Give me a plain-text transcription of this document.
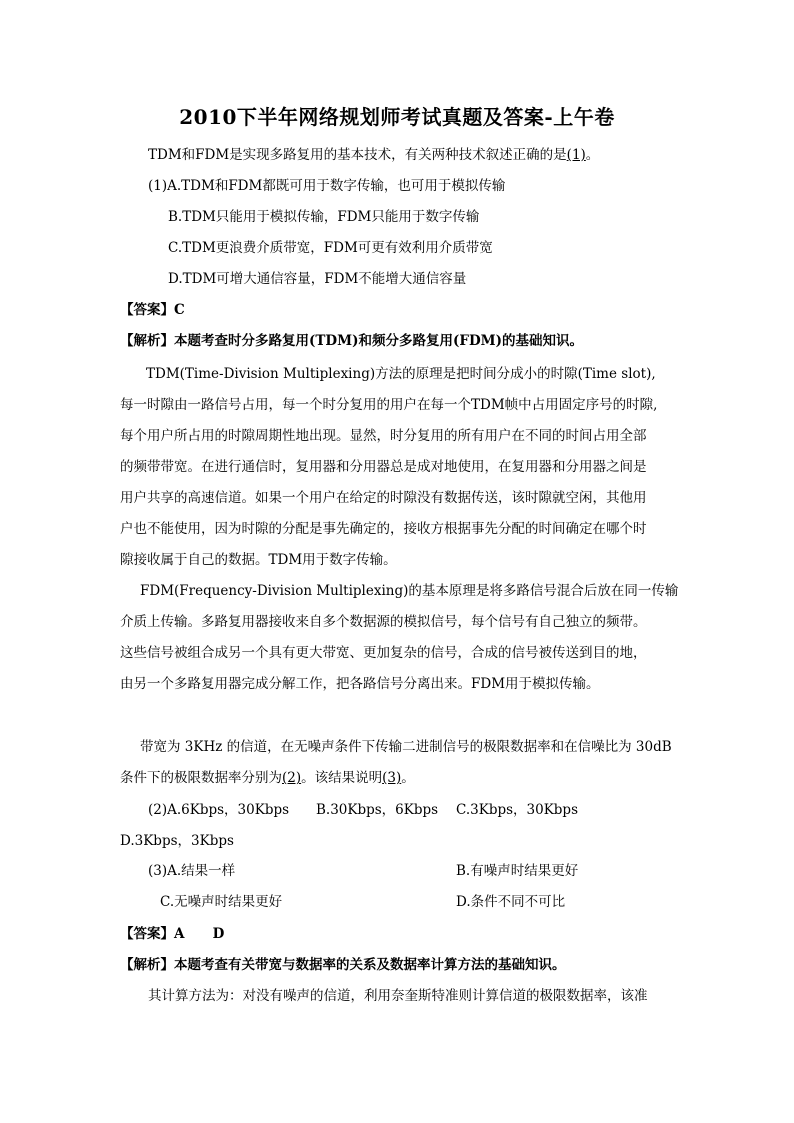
2010下半年网络规划师考试真题及答案-上午卷
TDM和FDM是实现多路复用的基本技术，有关两种技术叙述正确的是(1)。
(1)A.TDM和FDM都既可用于数字传输，也可用于模拟传输
B.TDM只能用于模拟传输，FDM只能用于数字传输
C.TDM更浪费介质带宽，FDM可更有效利用介质带宽
D.TDM可增大通信容量，FDM不能增大通信容量
【答案】C
【解析】本题考查时分多路复用(TDM)和频分多路复用(FDM)的基础知识。
TDM(Time-Division Multiplexing)方法的原理是把时间分成小的时隙(Time slot),
每一时隙由一路信号占用，每一个时分复用的用户在每一个TDM帧中占用固定序号的时隙,
每个用户所占用的时隙周期性地出现。显然，时分复用的所有用户在不同的时间占用全部
的频带带宽。在进行通信时，复用器和分用器总是成对地使用，在复用器和分用器之间是
用户共享的高速信道。如果一个用户在给定的时隙没有数据传送，该时隙就空闲，其他用
户也不能使用，因为时隙的分配是事先确定的，接收方根据事先分配的时间确定在哪个时
隙接收属于自己的数据。TDM用于数字传输。
FDM(Frequency-Division Multiplexing)的基本原理是将多路信号混合后放在同一传输
介质上传输。多路复用器接收来自多个数据源的模拟信号，每个信号有自己独立的频带。
这些信号被组合成另一个具有更大带宽、更加复杂的信号，合成的信号被传送到目的地，
由另一个多路复用器完成分解工作，把各路信号分离出来。FDM用于模拟传输。
带宽为 3KHz 的信道，在无噪声条件下传输二进制信号的极限数据率和在信噪比为 30dB
条件下的极限数据率分别为(2)。该结果说明(3)。
(2)A.6Kbps，30Kbps B.30Kbps，6Kbps C.3Kbps，30Kbps
D.3Kbps，3Kbps
(3)A.结果一样	B.有噪声时结果更好
C.无噪声时结果更好	D.条件不同不可比
【答案】A      D
【解析】本题考查有关带宽与数据率的关系及数据率计算方法的基础知识。
其计算方法为：对没有噪声的信道，利用奈奎斯特准则计算信道的极限数据率，该准
